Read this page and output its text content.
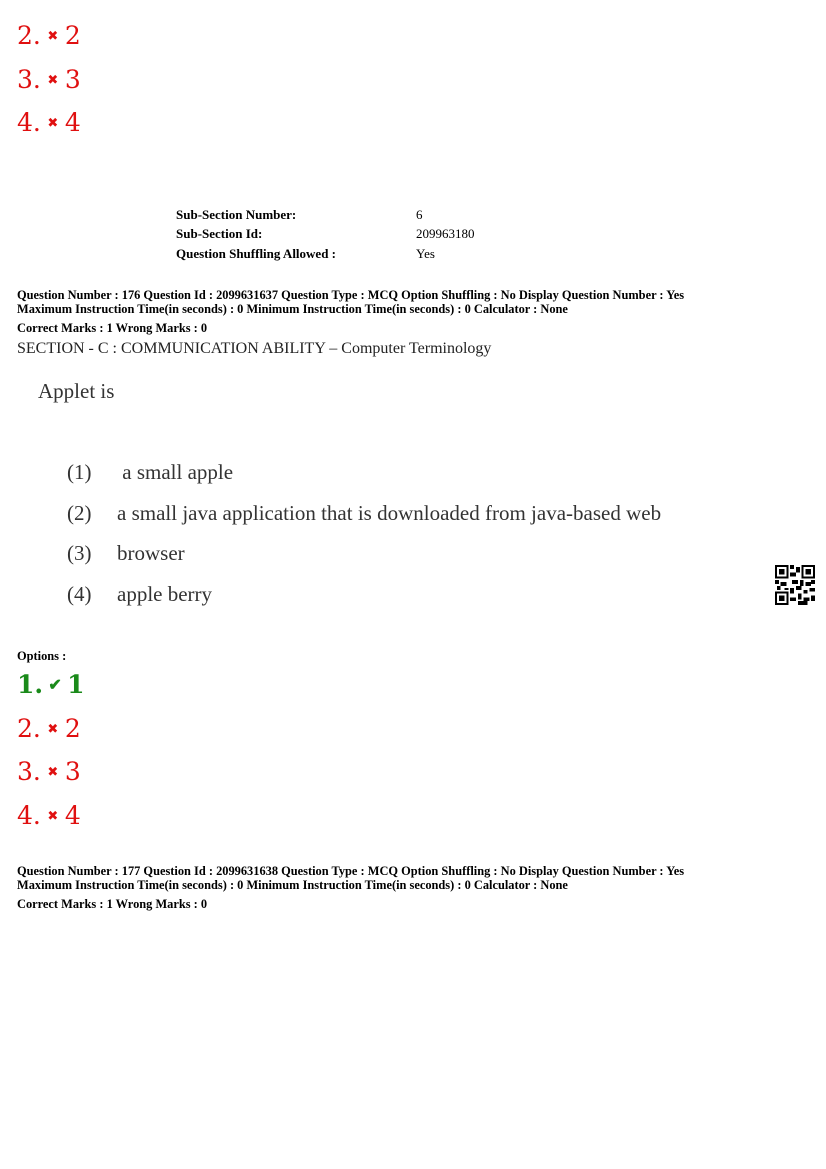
2. ✖ 2
3. ✖ 3
4. ✖ 4
Sub-Section Number:	6
Sub-Section Id:	209963180
Question Shuffling Allowed :	Yes
Question Number : 176 Question Id : 2099631637 Question Type : MCQ Option Shuffling : No Display Question Number : Yes
Maximum Instruction Time(in seconds) : 0 Minimum Instruction Time(in seconds) : 0 Calculator : None
Correct Marks : 1 Wrong Marks : 0
SECTION - C : COMMUNICATION ABILITY – Computer Terminology
Applet is
(1) a small apple
(2) a small java application that is downloaded from java-based web
(3) browser
(4) apple berry
Options :
1. ✔ 1
2. ✖ 2
3. ✖ 3
4. ✖ 4
Question Number : 177 Question Id : 2099631638 Question Type : MCQ Option Shuffling : No Display Question Number : Yes
Maximum Instruction Time(in seconds) : 0 Minimum Instruction Time(in seconds) : 0 Calculator : None
Correct Marks : 1 Wrong Marks : 0
